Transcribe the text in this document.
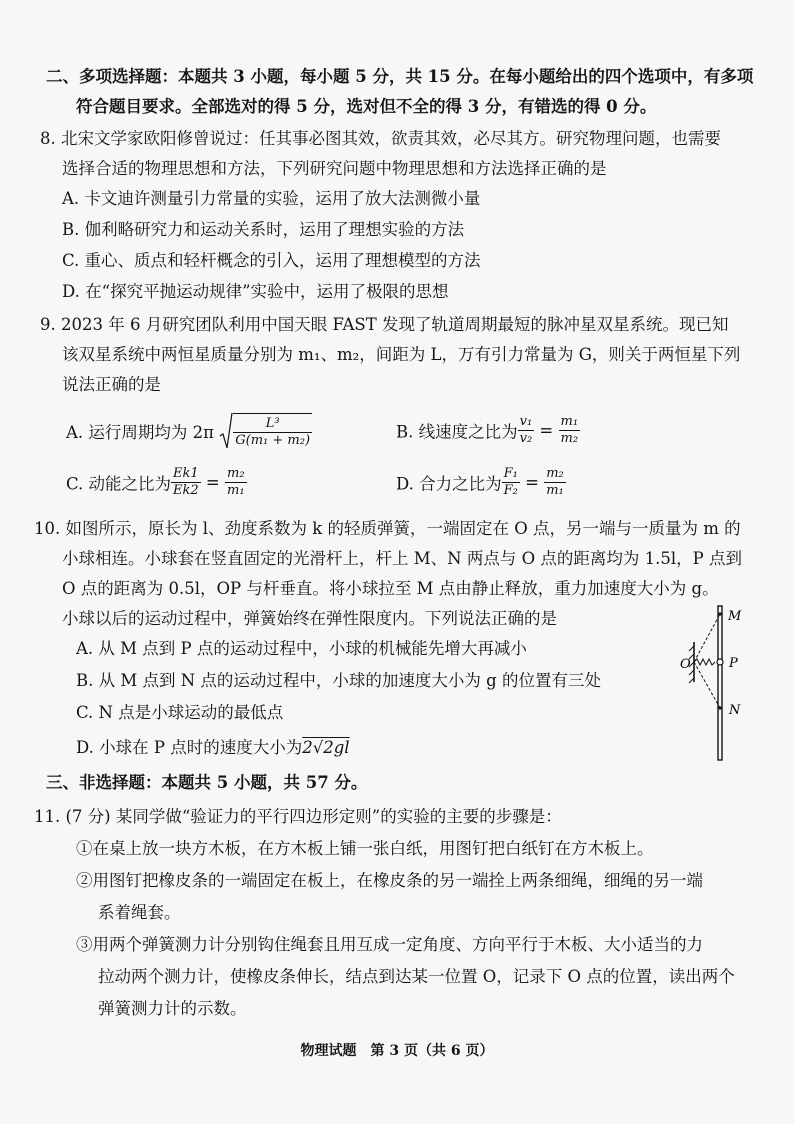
二、多项选择题：本题共 3 小题，每小题 5 分，共 15 分。在每小题给出的四个选项中，有多项
符合题目要求。全部选对的得 5 分，选对但不全的得 3 分，有错选的得 0 分。
8. 北宋文学家欧阳修曾说过：任其事必图其效，欲责其效，必尽其方。研究物理问题，也需要
选择合适的物理思想和方法，下列研究问题中物理思想和方法选择正确的是
A. 卡文迪许测量引力常量的实验，运用了放大法测微小量
B. 伽利略研究力和运动关系时，运用了理想实验的方法
C. 重心、质点和轻杆概念的引入，运用了理想模型的方法
D. 在“探究平抛运动规律”实验中，运用了极限的思想
9. 2023 年 6 月研究团队利用中国天眼 FAST 发现了轨道周期最短的脉冲星双星系统。现已知
该双星系统中两恒星质量分别为 m₁、m₂，间距为 L，万有引力常量为 G，则关于两恒星下列
说法正确的是
A. 运行周期均为 $2\pi \frac{\text{L³}}{\text{G(m₁ + m₂)}}$	B. 线速度之比为 $\frac{\text{v₁}}{\text{v₂}} = \frac{\text{m₁}}{\text{m₂}}$
C. 动能之比为 $\frac{Ek1}{Ek2} = \frac{\text{m₂}}{\text{m₁}}$	D. 合力之比为 $\frac{\text{F₁}}{\text{F₂}} = \frac{\text{m₂}}{\text{m₁}}$
10. 如图所示，原长为 l、劲度系数为 k 的轻质弹簧，一端固定在 O 点，另一端与一质量为 m 的
小球相连。小球套在竖直固定的光滑杆上，杆上 M、N 两点与 O 点的距离均为 1.5l，P 点到
O 点的距离为 0.5l，OP 与杆垂直。将小球拉至 M 点由静止释放，重力加速度大小为 g。
小球以后的运动过程中，弹簧始终在弹性限度内。下列说法正确的是
A. 从 M 点到 P 点的运动过程中，小球的机械能先增大再减小
B. 从 M 点到 N 点的运动过程中，小球的加速度大小为 g 的位置有三处
C. N 点是小球运动的最低点
D. 小球在 P 点时的速度大小为2√2gl
M
O	P
N
三、非选择题：本题共 5 小题，共 57 分。
11. (7 分) 某同学做“验证力的平行四边形定则”的实验的主要的步骤是：
①在桌上放一块方木板，在方木板上铺一张白纸，用图钉把白纸钉在方木板上。
②用图钉把橡皮条的一端固定在板上，在橡皮条的另一端拴上两条细绳，细绳的另一端
系着绳套。
③用两个弹簧测力计分别钩住绳套且用互成一定角度、方向平行于木板、大小适当的力
拉动两个测力计，使橡皮条伸长，结点到达某一位置 O，记录下 O 点的位置，读出两个
弹簧测力计的示数。
物理试题　第 3 页（共 6 页）
